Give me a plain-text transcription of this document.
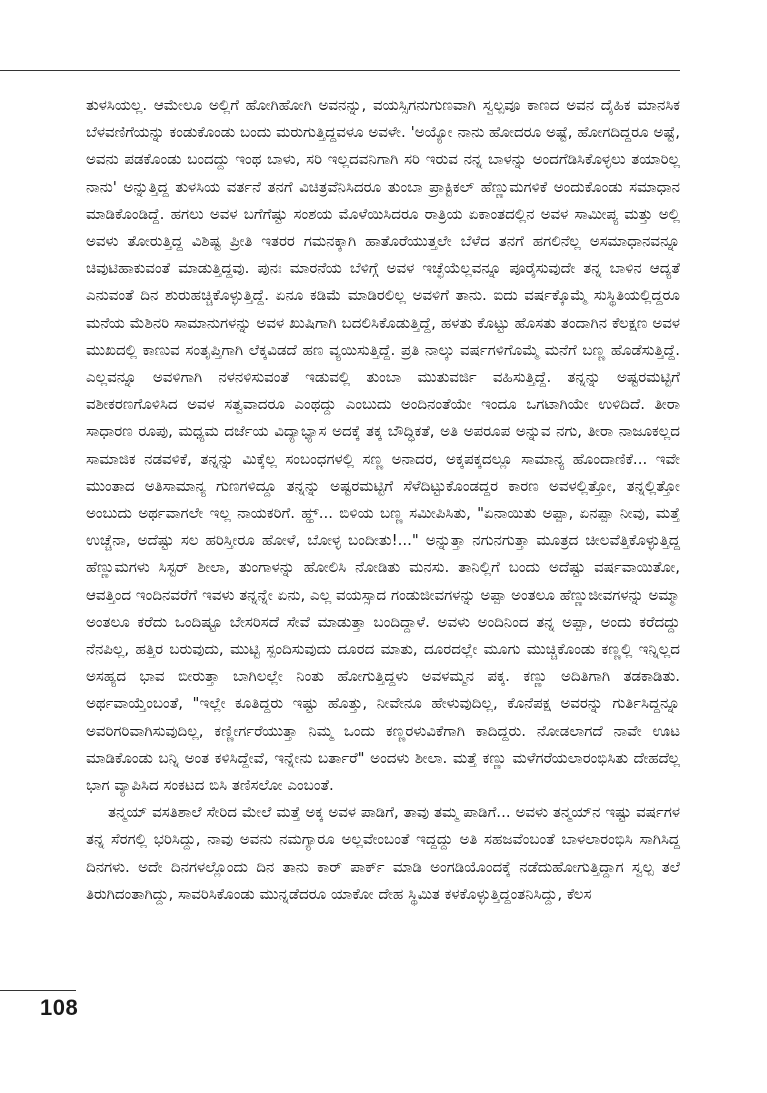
ತುಳಸಿಯಲ್ಲ. ಆಮೇಲೂ ಅಲ್ಲಿಗೆ ಹೋಗಿಹೋಗಿ ಅವನನ್ನು, ವಯಸ್ಸಿಗನುಗುಣವಾಗಿ ಸ್ವಲ್ಪವೂ ಕಾಣದ ಅವನ ದೈಹಿಕ ಮಾನಸಿಕ ಬೆಳವಣಿಗೆಯನ್ನು ಕಂಡುಕೊಂಡು ಬಂದು ಮರುಗುತ್ತಿದ್ದವಳೂ ಅವಳೇ. 'ಅಯ್ಯೋ ನಾನು ಹೋದರೂ ಅಷ್ಟೆ, ಹೋಗದಿದ್ದರೂ ಅಷ್ಟೆ, ಅವನು ಪಡಕೊಂಡು ಬಂದದ್ದು ಇಂಥ ಬಾಳು, ಸರಿ ಇಲ್ಲದವನಿಗಾಗಿ ಸರಿ ಇರುವ ನನ್ನ ಬಾಳನ್ನು ಅಂದಗೆಡಿಸಿಕೊಳ್ಳಲು ತಯಾರಿಲ್ಲ ನಾನು' ಅನ್ನುತ್ತಿದ್ದ ತುಳಸಿಯ ವರ್ತನೆ ತನಗೆ ವಿಚಿತ್ರವೆನಿಸಿದರೂ ತುಂಬಾ ಪ್ರಾಕ್ಟಿಕಲ್ ಹೆಣ್ಣುಮಗಳಿಕೆ ಅಂದುಕೊಂಡು ಸಮಾಧಾನ ಮಾಡಿಕೊಂಡಿದ್ದೆ. ಹಗಲು ಅವಳ ಬಗೆಗೆಷ್ಟು ಸಂಶಯ ಮೊಳೆಯಿಸಿದರೂ ರಾತ್ರಿಯ ಏಕಾಂತದಲ್ಲಿನ ಅವಳ ಸಾಮೀಪ್ಯ ಮತ್ತು ಅಲ್ಲಿ ಅವಳು ತೋರುತ್ತಿದ್ದ ವಿಶಿಷ್ಟ ಪ್ರೀತಿ ಇತರರ ಗಮನಕ್ಕಾಗಿ ಹಾತೊರೆಯುತ್ತಲೇ ಬೆಳೆದ ತನಗೆ ಹಗಲಿನೆಲ್ಲ ಅಸಮಾಧಾನವನ್ನೂ ಚಿವುಟಿಹಾಕುವಂತೆ ಮಾಡುತ್ತಿದ್ದವು. ಪುನಃ ಮಾರನೆಯ ಬೆಳಿಗ್ಗೆ ಅವಳ ಇಚ್ಛೆಯೆಲ್ಲವನ್ನೂ ಪೂರೈಸುವುದೇ ತನ್ನ ಬಾಳಿನ ಆದ್ಯತೆ ಎನುವಂತೆ ದಿನ ಶುರುಹಚ್ಚಿಕೊಳ್ಳುತ್ತಿದ್ದೆ. ಏನೂ ಕಡಿಮೆ ಮಾಡಿರಲಿಲ್ಲ ಅವಳಿಗೆ ತಾನು. ಐದು ವರ್ಷಕ್ಕೊಮ್ಮೆ ಸುಸ್ಥಿತಿಯಲ್ಲಿದ್ದರೂ ಮನೆಯ ಮೆಶಿನರಿ ಸಾಮಾನುಗಳನ್ನು ಅವಳ ಖುಷಿಗಾಗಿ ಬದಲಿಸಿಕೊಡುತ್ತಿದ್ದೆ, ಹಳತು ಕೊಟ್ಟು ಹೊಸತು ತಂದಾಗಿನ ಕೆಲಕ್ಷಣ ಅವಳ ಮುಖದಲ್ಲಿ ಕಾಣುವ ಸಂತೃಪ್ತಿಗಾಗಿ ಲೆಕ್ಕವಿಡದೆ ಹಣ ವ್ಯಯಿಸುತ್ತಿದ್ದೆ. ಪ್ರತಿ ನಾಲ್ಕು ವರ್ಷಗಳಿಗೊಮ್ಮೆ ಮನೆಗೆ ಬಣ್ಣ ಹೊಡೆಸುತ್ತಿದ್ದೆ. ಎಲ್ಲವನ್ನೂ ಅವಳಿಗಾಗಿ ನಳನಳಿಸುವಂತೆ ಇಡುವಲ್ಲಿ ತುಂಬಾ ಮುತುವರ್ಜಿ ವಹಿಸುತ್ತಿದ್ದೆ. ತನ್ನನ್ನು ಅಷ್ಟರಮಟ್ಟಿಗೆ ವಶೀಕರಣಗೊಳಿಸಿದ ಅವಳ ಸತ್ವವಾದರೂ ಎಂಥದ್ದು ಎಂಬುದು ಅಂದಿನಂತೆಯೇ ಇಂದೂ ಒಗಟಾಗಿಯೇ ಉಳಿದಿದೆ. ತೀರಾ ಸಾಧಾರಣ ರೂಪು, ಮಧ್ಯಮ ದರ್ಜೆಯ ವಿದ್ಯಾಭ್ಯಾಸ ಅದಕ್ಕೆ ತಕ್ಕ ಬೌದ್ಧಿಕತೆ, ಅತಿ ಅಪರೂಪ ಅನ್ನುವ ನಗು, ತೀರಾ ನಾಜೂಕಲ್ಲದ ಸಾಮಾಜಿಕ ನಡವಳಿಕೆ, ತನ್ನನ್ನು ಮಿಕ್ಕೆಲ್ಲ ಸಂಬಂಧಗಳಲ್ಲಿ ಸಣ್ಣ ಅನಾದರ, ಅಕ್ಕಪಕ್ಕದಲ್ಲೂ ಸಾಮಾನ್ಯ ಹೊಂದಾಣಿಕೆ... ಇವೇ ಮುಂತಾದ ಅತಿಸಾಮಾನ್ಯ ಗುಣಗಳಿದ್ದೂ ತನ್ನನ್ನು ಅಷ್ಟರಮಟ್ಟಿಗೆ ಸೆಳೆದಿಟ್ಟುಕೊಂಡದ್ದರ ಕಾರಣ ಅವಳಲ್ಲಿತ್ತೋ, ತನ್ನಲ್ಲಿತ್ತೋ ಅಂಬುದು ಅರ್ಥವಾಗಲೇ ಇಲ್ಲ ನಾಯಕರಿಗೆ. ಹ್ಹ್... ಬಿಳಿಯ ಬಣ್ಣ ಸಮೀಪಿಸಿತು, "ಏನಾಯಿತು ಅಪ್ಪಾ, ಏನಪ್ಪಾ ನೀವು, ಮತ್ತೆ ಉಚ್ಚೆನಾ, ಅದೆಷ್ಟು ಸಲ ಹರಿಸ್ತೀರೂ ಹೋಳೆ, ಬೋಳ್ಳ ಬಂದೀತು!..." ಅನ್ನುತ್ತಾ ನಗುನಗುತ್ತಾ ಮೂತ್ರದ ಚೀಲವೆತ್ತಿಕೊಳ್ಳುತ್ತಿದ್ದ ಹೆಣ್ಣುಮಗಳು ಸಿಸ್ಟರ್ ಶೀಲಾ, ತುಂಗಾಳನ್ನು ಹೋಲಿಸಿ ನೋಡಿತು ಮನಸು. ತಾನಿಲ್ಲಿಗೆ ಬಂದು ಅದೆಷ್ಟು ವರ್ಷವಾಯಿತೋ, ಆವತ್ತಿಂದ ಇಂದಿನವರೆಗೆ ಇವಳು ತನ್ನನ್ನೇ ಏನು, ಎಲ್ಲ ವಯಸ್ಸಾದ ಗಂಡುಜೀವಗಳನ್ನು ಅಪ್ಪಾ ಅಂತಲೂ ಹೆಣ್ಣುಜೀವಗಳನ್ನು ಅಮ್ಮಾ ಅಂತಲೂ ಕರೆದು ಒಂದಿಷ್ಟೂ ಬೇಸರಿಸದೆ ಸೇವೆ ಮಾಡುತ್ತಾ ಬಂದಿದ್ದಾಳೆ. ಅವಳು ಅಂದಿನಿಂದ ತನ್ನ ಅಪ್ಪಾ, ಅಂದು ಕರೆದದ್ದು ನೆನಪಿಲ್ಲ, ಹತ್ತಿರ ಬರುವುದು, ಮುಟ್ಟಿ ಸ್ಪಂದಿಸುವುದು ದೂರದ ಮಾತು, ದೂರದಲ್ಲೇ ಮೂಗು ಮುಚ್ಚಿಕೊಂಡು ಕಣ್ಣಲ್ಲಿ ಇನ್ನಿಲ್ಲದ ಅಸಹ್ಯದ ಭಾವ ಬೀರುತ್ತಾ ಬಾಗಿಲಲ್ಲೇ ನಿಂತು ಹೋಗುತ್ತಿದ್ದಳು ಅವಳಮ್ಮನ ಪಕ್ಕ. ಕಣ್ಣು ಅದಿತಿಗಾಗಿ ತಡಕಾಡಿತು. ಅರ್ಥವಾಯ್ತೆಂಬಂತೆ, "ಇಲ್ಲೇ ಕೂತಿದ್ದರು ಇಷ್ಟು ಹೊತ್ತು, ನೀವೇನೂ ಹೇಳುವುದಿಲ್ಲ, ಕೊನೆಪಕ್ಷ ಅವರನ್ನು ಗುರ್ತಿಸಿದ್ದನ್ನೂ ಅವರಿಗರಿವಾಗಿಸುವುದಿಲ್ಲ, ಕಣ್ಣೀರ್ಗರೆಯುತ್ತಾ ನಿಮ್ಮ ಒಂದು ಕಣ್ಣರಳುವಿಕೆಗಾಗಿ ಕಾದಿದ್ದರು. ನೋಡಲಾಗದೆ ನಾವೇ ಊಟ ಮಾಡಿಕೊಂಡು ಬನ್ನಿ ಅಂತ ಕಳಿಸಿದ್ದೇವೆ, ಇನ್ನೇನು ಬರ್ತಾರೆ" ಅಂದಳು ಶೀಲಾ. ಮತ್ತೆ ಕಣ್ಣು ಮಳೆಗರೆಯಲಾರಂಭಿಸಿತು ದೇಹದೆಲ್ಲ ಭಾಗ ವ್ಯಾಪಿಸಿದ ಸಂಕಟದ ಬಿಸಿ ತಣಿಸಲೋ ಎಂಬಂತೆ.

ತನ್ಮಯ್ ವಸತಿಶಾಲೆ ಸೇರಿದ ಮೇಲೆ ಮತ್ತೆ ಅಕ್ಕ ಅವಳ ಪಾಡಿಗೆ, ತಾವು ತಮ್ಮ ಪಾಡಿಗೆ... ಅವಳು ತನ್ಮಯ್‌ನ ಇಷ್ಟು ವರ್ಷಗಳ ತನ್ನ ಸೆರಗಲ್ಲಿ ಭರಿಸಿದ್ದು, ನಾವು ಅವನು ನಮಗ್ಯಾರೂ ಅಲ್ಲವೇಂಬಂತೆ ಇದ್ದದ್ದು ಅತಿ ಸಹಜವೆಂಬಂತೆ ಬಾಳಲಾರಂಭಿಸಿ ಸಾಗಿಸಿದ್ದ ದಿನಗಳು. ಅದೇ ದಿನಗಳಲ್ಲೊಂದು ದಿನ ತಾನು ಕಾರ್ ಪಾರ್ಕ್ ಮಾಡಿ ಅಂಗಡಿಯೊಂದಕ್ಕೆ ನಡೆದುಹೋಗುತ್ತಿದ್ದಾಗ ಸ್ವಲ್ಪ ತಲೆ ತಿರುಗಿದಂತಾಗಿದ್ದು, ಸಾವರಿಸಿಕೊಂಡು ಮುನ್ನಡೆದರೂ ಯಾಕೋ ದೇಹ ಸ್ಥಿಮಿತ ಕಳಕೊಳ್ಳುತ್ತಿದ್ದಂತನಿಸಿದ್ದು, ಕೆಲಸ

108
